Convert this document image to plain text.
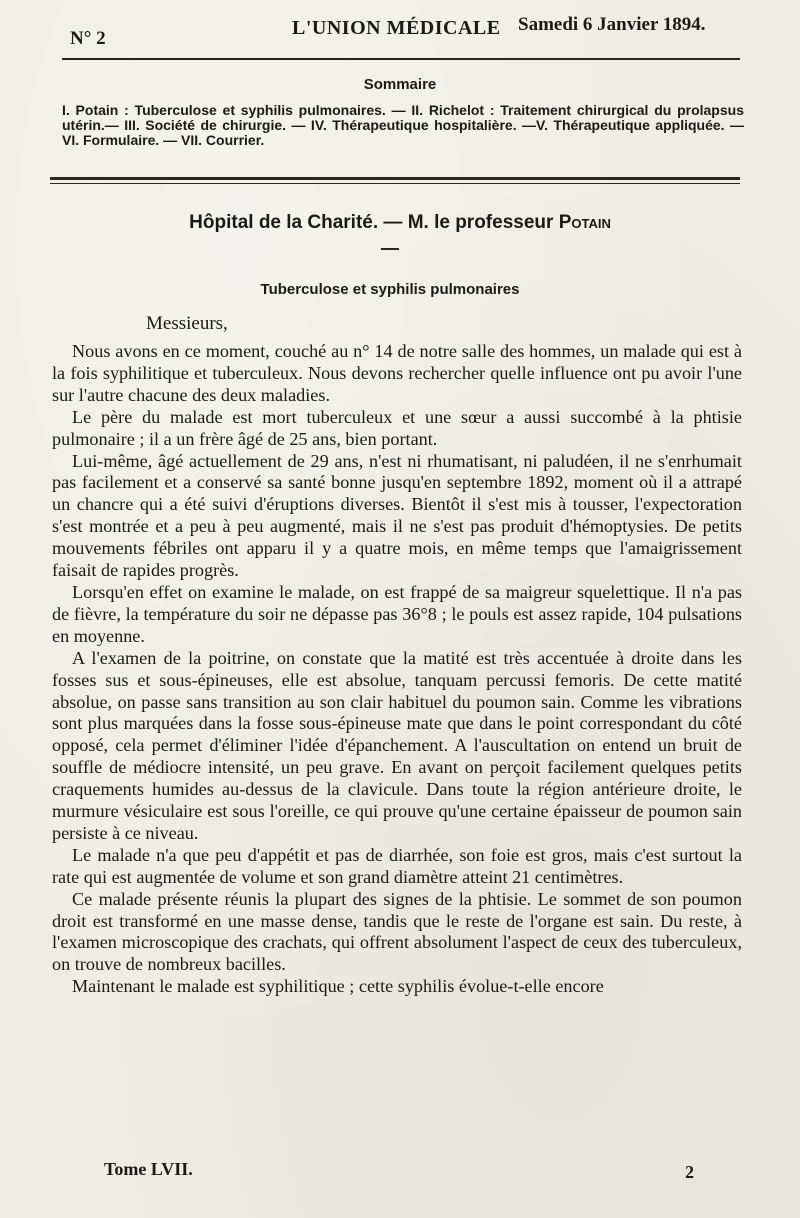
N° 2	L'UNION MÉDICALE Samedi 6 Janvier 1894.
Sommaire
I. Potain : Tuberculose et syphilis pulmonaires. — II. Richelot : Traitement chirurgical du prolapsus utérin.— III. Société de chirurgie. — IV. Thérapeutique hospitalière. —V. Thérapeutique appliquée. — VI. Formulaire. — VII. Courrier.
Hôpital de la Charité. — M. le professeur Potain
Tuberculose et syphilis pulmonaires
Messieurs,

Nous avons en ce moment, couché au n° 14 de notre salle des hommes, un malade qui est à la fois syphilitique et tuberculeux. Nous devons rechercher quelle influence ont pu avoir l'une sur l'autre chacune des deux maladies.

Le père du malade est mort tuberculeux et une sœur a aussi succombé à la phtisie pulmonaire ; il a un frère âgé de 25 ans, bien portant.

Lui-même, âgé actuellement de 29 ans, n'est ni rhumatisant, ni paludéen, il ne s'enrhumait pas facilement et a conservé sa santé bonne jusqu'en septembre 1892, moment où il a attrapé un chancre qui a été suivi d'éruptions diverses. Bientôt il s'est mis à tousser, l'expectoration s'est montrée et a peu à peu augmenté, mais il ne s'est pas produit d'hémoptysies. De petits mouvements fébriles ont apparu il y a quatre mois, en même temps que l'amaigrissement faisait de rapides progrès.

Lorsqu'en effet on examine le malade, on est frappé de sa maigreur squelettique. Il n'a pas de fièvre, la température du soir ne dépasse pas 36°8 ; le pouls est assez rapide, 104 pulsations en moyenne.

A l'examen de la poitrine, on constate que la matité est très accentuée à droite dans les fosses sus et sous-épineuses, elle est absolue, tanquam percussi femoris. De cette matité absolue, on passe sans transition au son clair habituel du poumon sain. Comme les vibrations sont plus marquées dans la fosse sous-épineuse mate que dans le point correspondant du côté opposé, cela permet d'éliminer l'idée d'épanchement. A l'auscultation on entend un bruit de souffle de médiocre intensité, un peu grave. En avant on perçoit facilement quelques petits craquements humides au-dessus de la clavicule. Dans toute la région antérieure droite, le murmure vésiculaire est sous l'oreille, ce qui prouve qu'une certaine épaisseur de poumon sain persiste à ce niveau.

Le malade n'a que peu d'appétit et pas de diarrhée, son foie est gros, mais c'est surtout la rate qui est augmentée de volume et son grand diamètre atteint 21 centimètres.

Ce malade présente réunis la plupart des signes de la phtisie. Le sommet de son poumon droit est transformé en une masse dense, tandis que le reste de l'organe est sain. Du reste, à l'examen microscopique des crachats, qui offrent absolument l'aspect de ceux des tuberculeux, on trouve de nombreux bacilles.

Maintenant le malade est syphilitique ; cette syphilis évolue-t-elle encore

Tome LVII.	2
